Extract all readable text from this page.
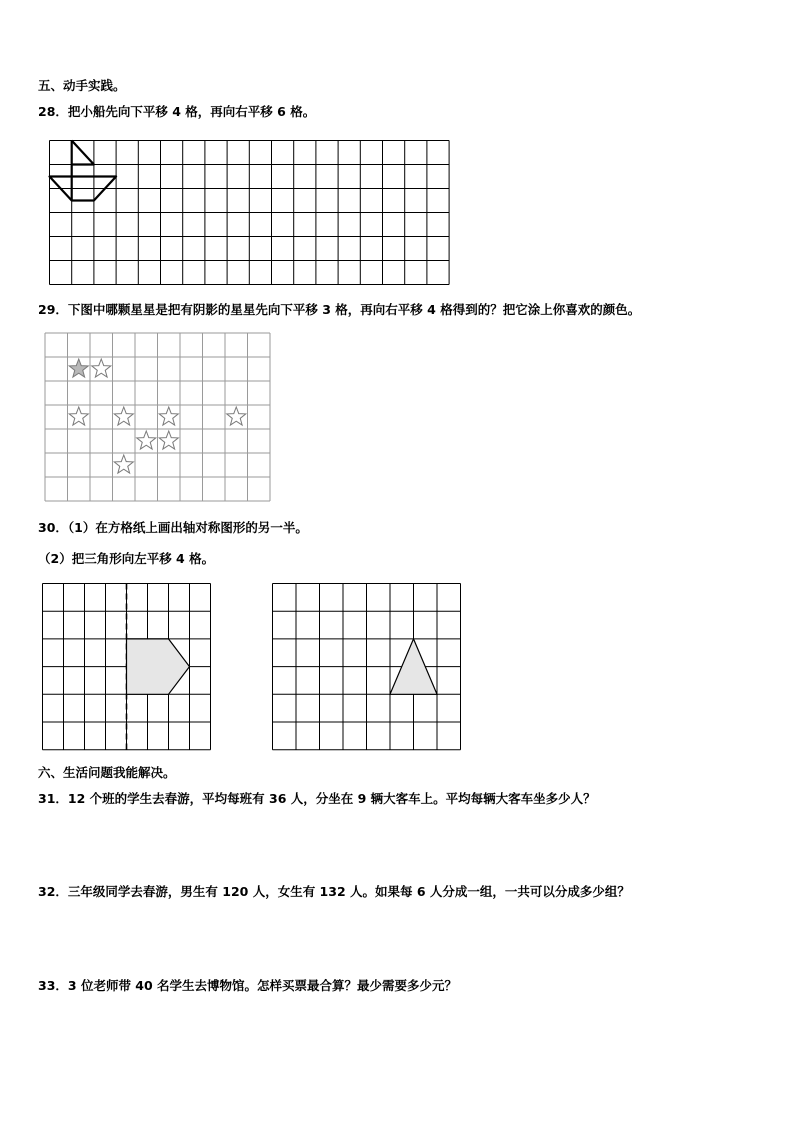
五、动手实践。
28．把小船先向下平移 4 格，再向右平移 6 格。
29．下图中哪颗星星是把有阴影的星星先向下平移 3 格，再向右平移 4 格得到的？把它涂上你喜欢的颜色。
30．（1）在方格纸上画出轴对称图形的另一半。
（2）把三角形向左平移 4 格。
六、生活问题我能解决。
31．12 个班的学生去春游，平均每班有 36 人，分坐在 9 辆大客车上。平均每辆大客车坐多少人？
32．三年级同学去春游，男生有 120 人，女生有 132 人。如果每 6 人分成一组，一共可以分成多少组？
33．3 位老师带 40 名学生去博物馆。怎样买票最合算？最少需要多少元？
